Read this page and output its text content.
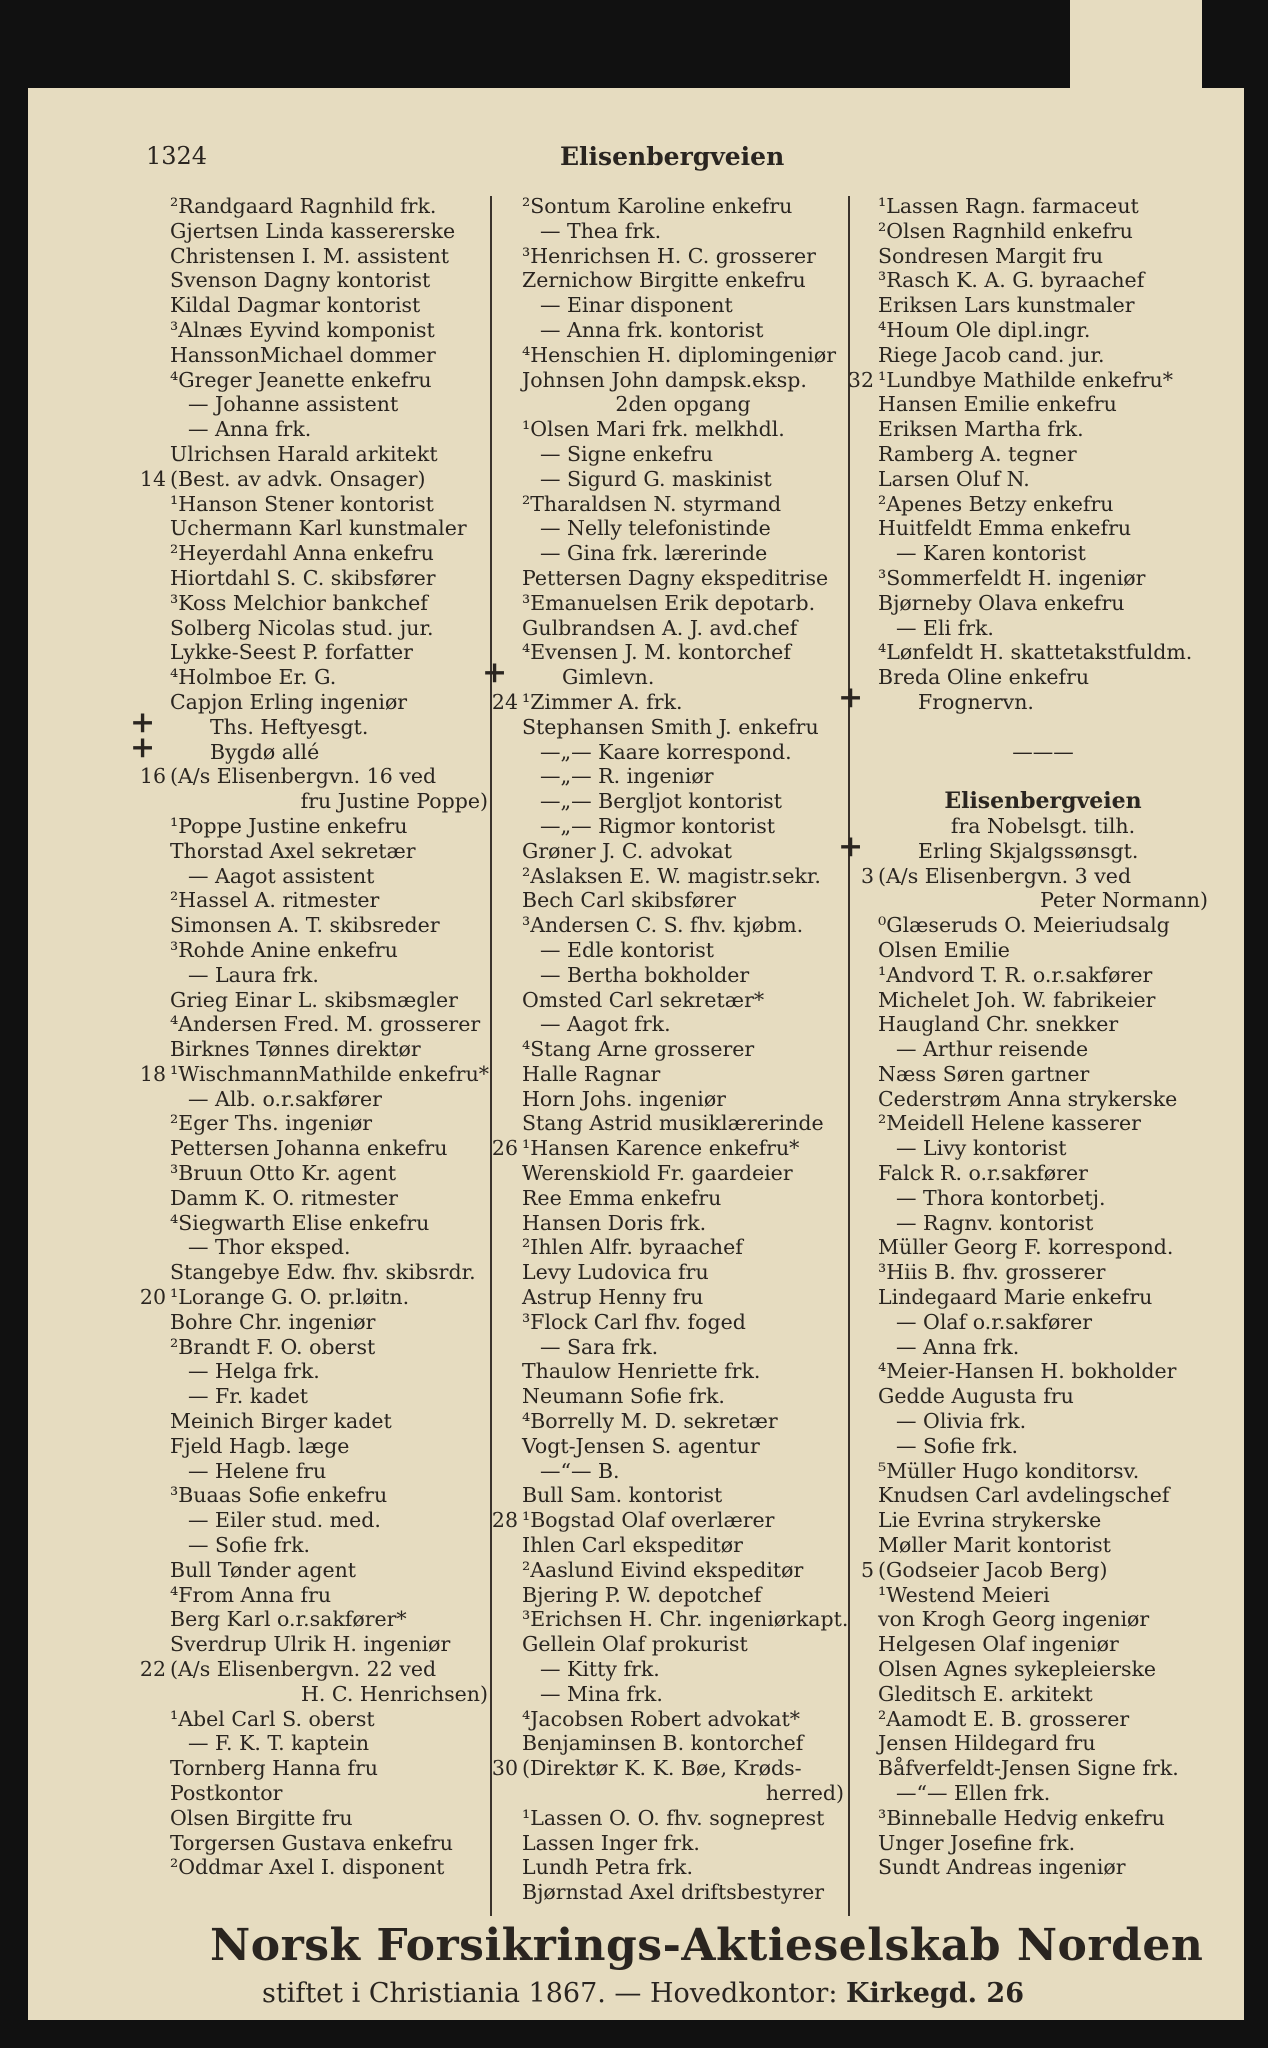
1324	Elisenbergveien
²Randgaard Ragnhild frk.
Gjertsen Linda kassererske
Christensen I. M. assistent
Svenson Dagny kontorist
Kildal Dagmar kontorist
³Alnæs Eyvind komponist
HanssonMichael dommer
⁴Greger Jeanette enkefru
— Johanne assistent
— Anna frk.
Ulrichsen Harald arkitekt
14 (Best. av advk. Onsager)
¹Hanson Stener kontorist
Uchermann Karl kunstmaler
²Heyerdahl Anna enkefru
Hiortdahl S. C. skibsfører
³Koss Melchior bankchef
Solberg Nicolas stud. jur.
Lykke-Seest P. forfatter
⁴Holmboe Er. G.
Capjon Erling ingeniør
+	Ths. Heftyesgt.
+	Bygdø allé
16 (A/s Elisenbergvn. 16 ved
fru Justine Poppe)
¹Poppe Justine enkefru
Thorstad Axel sekretær
— Aagot assistent
²Hassel A. ritmester
Simonsen A. T. skibsreder
³Rohde Anine enkefru
— Laura frk.
Grieg Einar L. skibsmægler
⁴Andersen Fred. M. grosserer
Birknes Tønnes direktør
18 ¹WischmannMathilde enkefru*
— Alb. o.r.sakfører
²Eger Ths. ingeniør
Pettersen Johanna enkefru
³Bruun Otto Kr. agent
Damm K. O. ritmester
⁴Siegwarth Elise enkefru
— Thor eksped.
Stangebye Edw. fhv. skibsrdr.
20 ¹Lorange G. O. pr.løitn.
Bohre Chr. ingeniør
²Brandt F. O. oberst
— Helga frk.
— Fr. kadet
Meinich Birger kadet
Fjeld Hagb. læge
— Helene fru
³Buaas Sofie enkefru
— Eiler stud. med.
— Sofie frk.
Bull Tønder agent
⁴From Anna fru
Berg Karl o.r.sakfører*
Sverdrup Ulrik H. ingeniør
22 (A/s Elisenbergvn. 22 ved
H. C. Henrichsen)
¹Abel Carl S. oberst
— F. K. T. kaptein
Tornberg Hanna fru
Postkontor
Olsen Birgitte fru
Torgersen Gustava enkefru
²Oddmar Axel I. disponent
²Sontum Karoline enkefru
— Thea frk.
³Henrichsen H. C. grosserer
Zernichow Birgitte enkefru
— Einar disponent
— Anna frk. kontorist
⁴Henschien H. diplomingeniør
Johnsen John dampsk.eksp.
2den opgang
¹Olsen Mari frk. melkhdl.
— Signe enkefru
— Sigurd G. maskinist
²Tharaldsen N. styrmand
— Nelly telefonistinde
— Gina frk. lærerinde
Pettersen Dagny ekspeditrise
³Emanuelsen Erik depotarb.
Gulbrandsen A. J. avd.chef
⁴Evensen J. M. kontorchef
+	Gimlevn.
24 ¹Zimmer A. frk.
Stephansen Smith J. enkefru
—„— Kaare korrespond.
—„— R. ingeniør
—„— Bergljot kontorist
—„— Rigmor kontorist
Grøner J. C. advokat
²Aslaksen E. W. magistr.sekr.
Bech Carl skibsfører
³Andersen C. S. fhv. kjøbm.
— Edle kontorist
— Bertha bokholder
Omsted Carl sekretær*
— Aagot frk.
⁴Stang Arne grosserer
Halle Ragnar
Horn Johs. ingeniør
Stang Astrid musiklærerinde
26 ¹Hansen Karence enkefru*
Werenskiold Fr. gaardeier
Ree Emma enkefru
Hansen Doris frk.
²Ihlen Alfr. byraachef
Levy Ludovica fru
Astrup Henny fru
³Flock Carl fhv. foged
— Sara frk.
Thaulow Henriette frk.
Neumann Sofie frk.
⁴Borrelly M. D. sekretær
Vogt-Jensen S. agentur
—“— B.
Bull Sam. kontorist
28 ¹Bogstad Olaf overlærer
Ihlen Carl ekspeditør
²Aaslund Eivind ekspeditør
Bjering P. W. depotchef
³Erichsen H. Chr. ingeniørkapt.
Gellein Olaf prokurist
— Kitty frk.
— Mina frk.
⁴Jacobsen Robert advokat*
Benjaminsen B. kontorchef
30 (Direktør K. K. Bøe, Krøds-
herred)
¹Lassen O. O. fhv. sognepres​t
Lassen Inger frk.
Lundh Petra frk.
Bjørnstad Axel driftsbestyrer
¹Lassen Ragn. farmaceut
²Olsen Ragnhild enkefru
Sondresen Margit fru
³Rasch K. A. G. byraachef
Eriksen Lars kunstmaler
⁴Houm Ole dipl.ingr.
Riege Jacob cand. jur.
32 ¹Lundbye Mathilde enkefru*
Hansen Emilie enkefru
Eriksen Martha frk.
Ramberg A. tegner
Larsen Oluf N.
²Apenes Betzy enkefru
Huitfeldt Emma enkefru
— Karen kontorist
³Sommerfeldt H. ingeniør
Bjørneby Olava enkefru
— Eli frk.
⁴Lønfeldt H. skattetakstfuldm.
Breda Oline enkefru
+	Frognervn.
———
Elisenbergveien
fra Nobelsgt. tilh.
+	Erling Skjalgssønsgt.
3 (A/s Elisenbergvn. 3 ved
Peter Normann)
⁰Glæseruds O. Meieriudsalg
Olsen Emilie
¹Andvord T. R. o.r.sakfører
Michelet Joh. W. fabrikeier
Haugland Chr. snekker
— Arthur reisende
Næss Søren gartner
Cederstrøm Anna strykerske
²Meidell Helene kasserer
— Livy kontorist
Falck R. o.r.sakfører
— Thora kontorbetj.
— Ragnv. kontorist
Müller Georg F. korrespond.
³Hiis B. fhv. grosserer
Lindegaard Marie enkefru
— Olaf o.r.sakfører
— Anna frk.
⁴Meier-Hansen H. bokholder
Gedde Augusta fru
— Olivia frk.
— Sofie frk.
⁵Müller Hugo konditorsv.
Knudsen Carl avdelingschef
Lie Evrina strykerske
Møller Marit kontorist
5 (Godseier Jacob Berg)
¹Westend Meieri
von Krogh Georg ingeniør
Helgesen Olaf ingeniør
Olsen Agnes sykepleierske
Gleditsch E. arkitekt
²Aamodt E. B. grosserer
Jensen Hildegard fru
Båfverfeldt-Jensen Signe frk.
—“— Ellen frk.
³Binneballe Hedvig enkefru
Unger Josefine frk.
Sundt Andreas ingeniør
Norsk Forsikrings-Aktieselskab Norden
stiftet i Christiania 1867. — Hovedkontor: Kirkegd. 26
